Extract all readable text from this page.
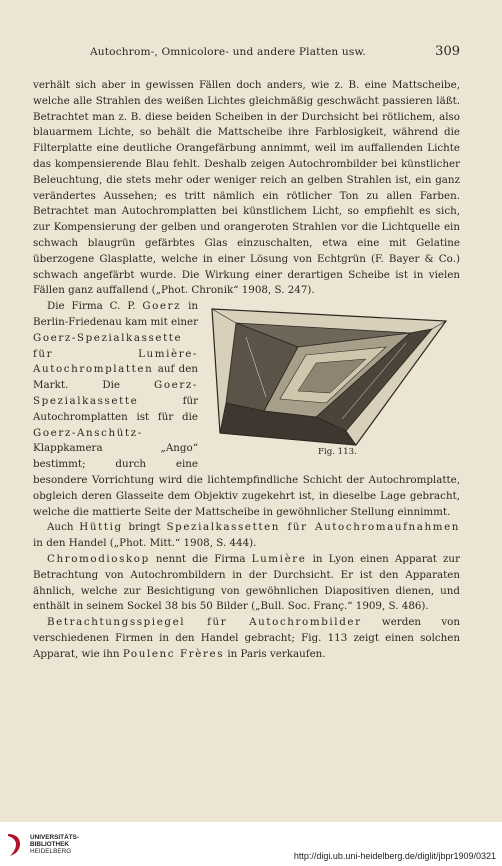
Autochrom-, Omnicolore- und andere Platten usw.	309

verhält sich aber in gewissen Fällen doch anders, wie z. B. eine Mattscheibe, welche alle Strahlen des weißen Lichtes gleichmäßig geschwächt passieren läßt. Betrachtet man z. B. diese beiden Scheiben in der Durchsicht bei rötlichem, also blauarmem Lichte, so behält die Mattscheibe ihre Farblosigkeit, während die Filterplatte eine deutliche Orangefärbung annimmt, weil im auffallenden Lichte das kompensierende Blau fehlt. Deshalb zeigen Autochrombilder bei künstlicher Beleuchtung, die stets mehr oder weniger reich an gelben Strahlen ist, ein ganz verändertes Aussehen; es tritt nämlich ein rötlicher Ton zu allen Farben. Betrachtet man Autochromplatten bei künstlichem Licht, so empfiehlt es sich, zur Kompensierung der gelben und orangeroten Strahlen vor die Lichtquelle ein schwach blaugrün gefärbtes Glas einzuschalten, etwa eine mit Gelatine überzogene Glasplatte, welche in einer Lösung von Echtgrün (F. Bayer & Co.) schwach angefärbt wurde. Die Wirkung einer derartigen Scheibe ist in vielen Fällen ganz auffallend („Phot. Chronik“ 1908, S. 247).

Fig. 113.

Die Firma C. P. Goerz in Berlin-Friedenau kam mit einer Goerz-Spezialkassette für Lumière-Autochromplatten auf den Markt. Die Goerz-Spezialkassette für Autochromplatten ist für die Goerz-Anschütz-Klappkamera „Ango“ bestimmt; durch eine besondere Vorrichtung wird die lichtempfindliche Schicht der Autochromplatte, obgleich deren Glasseite dem Objektiv zugekehrt ist, in dieselbe Lage gebracht, welche die mattierte Seite der Mattscheibe in gewöhnlicher Stellung einnimmt.

Auch Hüttig bringt Spezialkassetten für Autochromaufnahmen in den Handel („Phot. Mitt.“ 1908, S. 444).

Chromodioskop nennt die Firma Lumière in Lyon einen Apparat zur Betrachtung von Autochrombildern in der Durchsicht. Er ist den Apparaten ähnlich, welche zur Besichtigung von gewöhnlichen Diapositiven dienen, und enthält in seinem Sockel 38 bis 50 Bilder („Bull. Soc. Franç.“ 1909, S. 486).

Betrachtungsspiegel für Autochrombilder werden von verschiedenen Firmen in den Handel gebracht; Fig. 113 zeigt einen solchen Apparat, wie ihn Poulenc Frères in Paris verkaufen.

UNIVERSITÄTS-
BIBLIOTHEK
HEIDELBERG	http://digi.ub.uni-heidelberg.de/diglit/jbpr1909/0321
